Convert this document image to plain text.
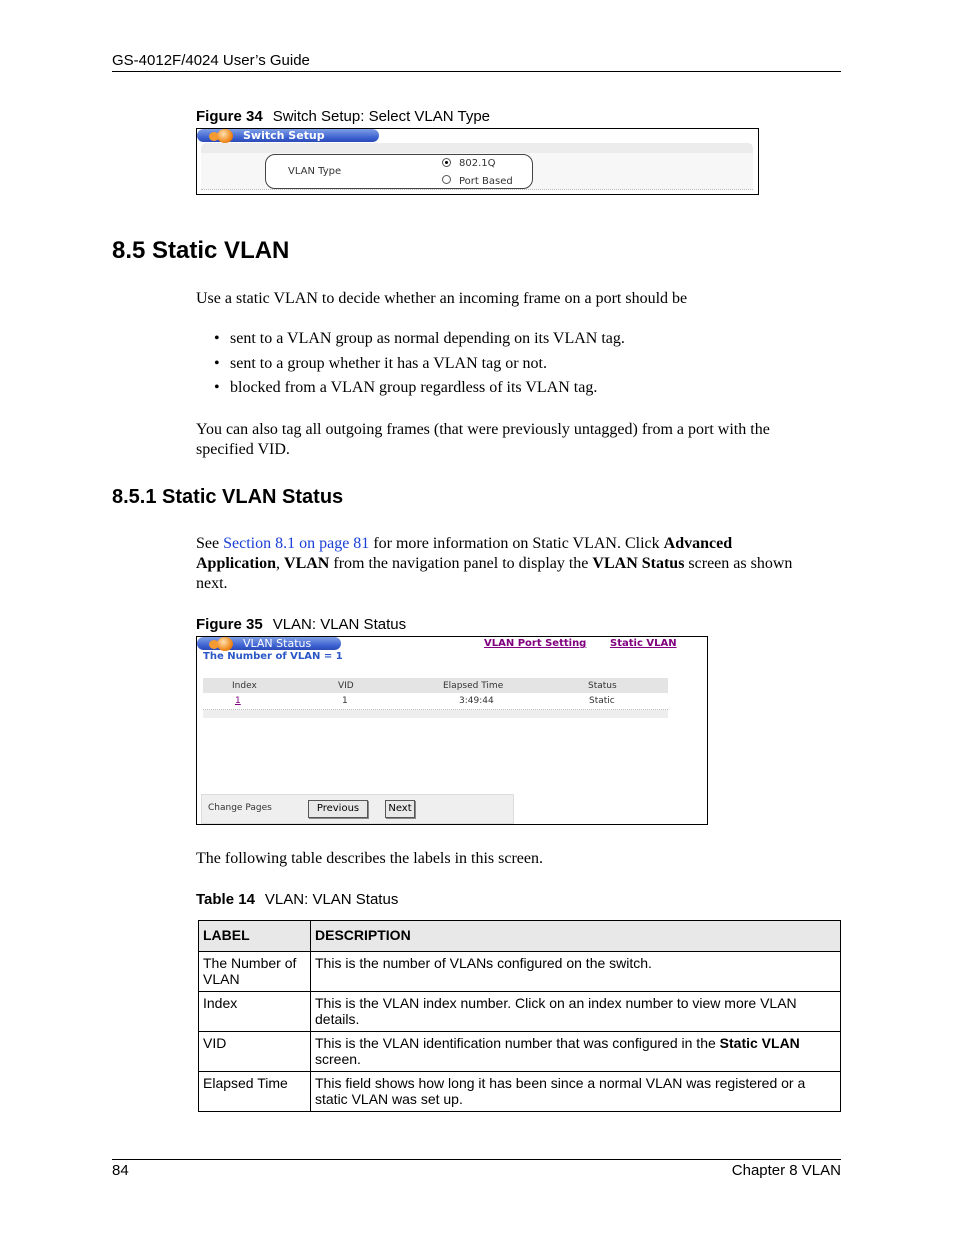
GS-4012F/4024 User’s Guide
Figure 34 Switch Setup: Select VLAN Type
Switch Setup
VLAN Type
802.1Q
Port Based
8.5 Static VLAN
Use a static VLAN to decide whether an incoming frame on a port should be
• sent to a VLAN group as normal depending on its VLAN tag.
• sent to a group whether it has a VLAN tag or not.
• blocked from a VLAN group regardless of its VLAN tag.
You can also tag all outgoing frames (that were previously untagged) from a port with the
specified VID.
8.5.1 Static VLAN Status
See Section 8.1 on page 81 for more information on Static VLAN. Click Advanced
Application, VLAN from the navigation panel to display the VLAN Status screen as shown
next.
Figure 35 VLAN: VLAN Status
VLAN Status	VLAN Port Setting Static VLAN
The Number of VLAN = 1
Index	VID	Elapsed Time	Status
1	1	3:49:44	Static
Change Pages	Previous	Next
The following table describes the labels in this screen.
Table 14 VLAN: VLAN Status
LABEL	DESCRIPTION
The Number of VLAN	This is the number of VLANs configured on the switch.
Index	This is the VLAN index number. Click on an index number to view more VLAN details.
VID	This is the VLAN identification number that was configured in the Static VLAN screen.
Elapsed Time	This field shows how long it has been since a normal VLAN was registered or a static VLAN was set up.
84	Chapter 8 VLAN
